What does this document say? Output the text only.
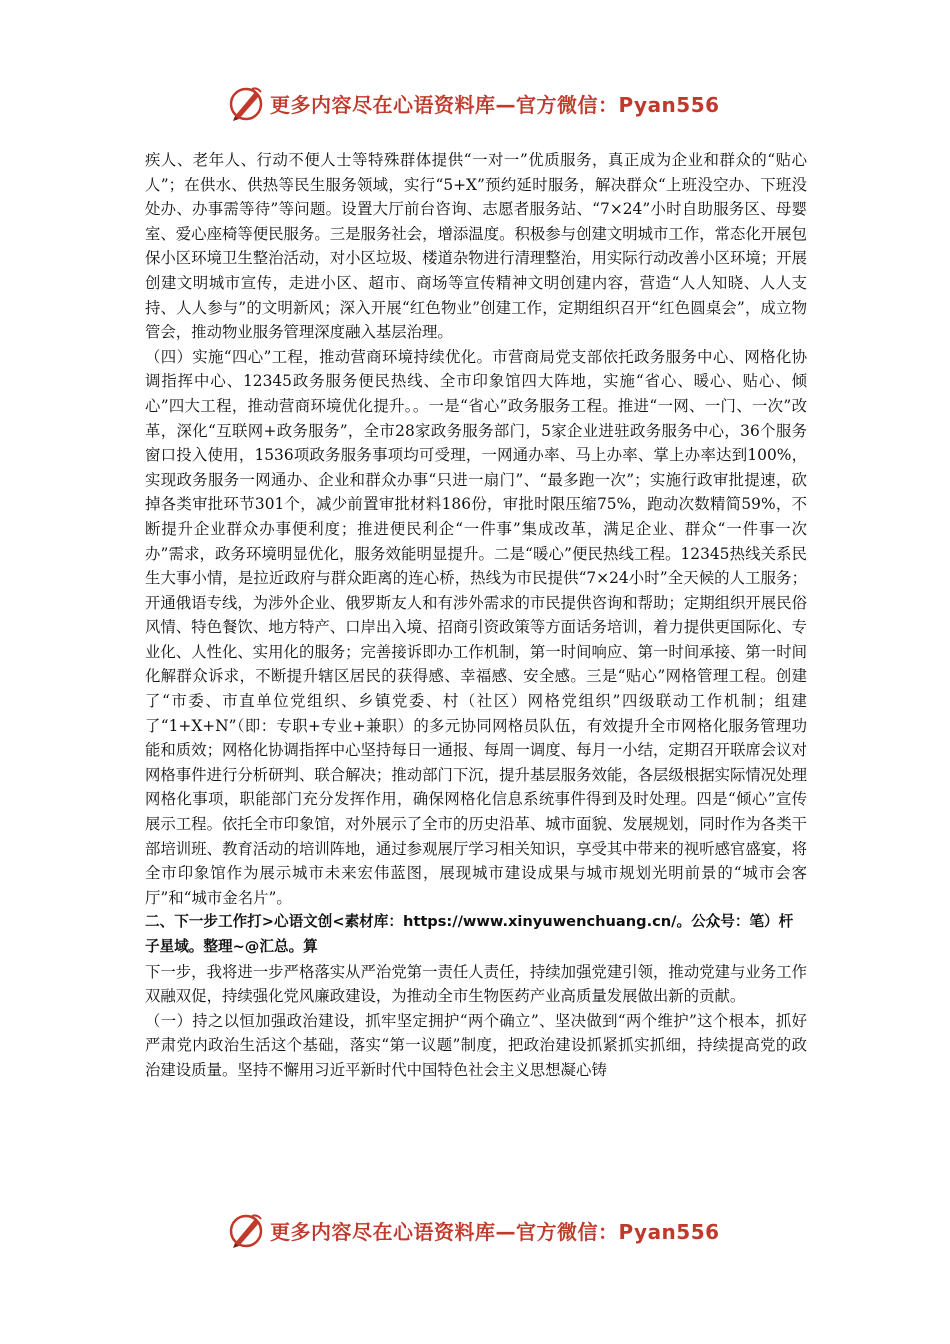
更多内容尽在心语资料库—官方微信：Pyan556

疾人、老年人、行动不便人士等特殊群体提供“一对一”优质服务，真正成为企业和群众的“贴心人”；在供水、供热等民生服务领域，实行“5+X”预约延时服务，解决群众“上班没空办、下班没处办、办事需等待”等问题。设置大厅前台咨询、志愿者服务站、“7×24”小时自助服务区、母婴室、爱心座椅等便民服务。三是服务社会，增添温度。积极参与创建文明城市工作，常态化开展包保小区环境卫生整治活动，对小区垃圾、楼道杂物进行清理整治，用实际行动改善小区环境；开展创建文明城市宣传，走进小区、超市、商场等宣传精神文明创建内容，营造“人人知晓、人人支持、人人参与”的文明新风；深入开展“红色物业”创建工作，定期组织召开“红色圆桌会”，成立物管会，推动物业服务管理深度融入基层治理。

（四）实施“四心”工程，推动营商环境持续优化。市营商局党支部依托政务服务中心、网格化协调指挥中心、12345政务服务便民热线、全市印象馆四大阵地，实施“省心、暖心、贴心、倾心”四大工程，推动营商环境优化提升。。一是“省心”政务服务工程。推进“一网、一门、一次”改革，深化“互联网+政务服务”，全市28家政务服务部门，5家企业进驻政务服务中心，36个服务窗口投入使用，1536项政务服务事项均可受理，一网通办率、马上办率、掌上办率达到100%，实现政务服务一网通办、企业和群众办事“只进一扇门”、“最多跑一次”；实施行政审批提速，砍掉各类审批环节301个，减少前置审批材料186份，审批时限压缩75%，跑动次数精简59%，不断提升企业群众办事便利度；推进便民利企“一件事”集成改革，满足企业、群众“一件事一次办”需求，政务环境明显优化，服务效能明显提升。二是“暖心”便民热线工程。12345热线关系民生大事小情，是拉近政府与群众距离的连心桥，热线为市民提供“7×24小时”全天候的人工服务；开通俄语专线，为涉外企业、俄罗斯友人和有涉外需求的市民提供咨询和帮助；定期组织开展民俗风情、特色餐饮、地方特产、口岸出入境、招商引资政策等方面话务培训，着力提供更国际化、专业化、人性化、实用化的服务；完善接诉即办工作机制，第一时间响应、第一时间承接、第一时间化解群众诉求，不断提升辖区居民的获得感、幸福感、安全感。三是“贴心”网格管理工程。创建了“市委、市直单位党组织、乡镇党委、村（社区）网格党组织”四级联动工作机制；组建了“1+X+N”（即：专职+专业+兼职）的多元协同网格员队伍，有效提升全市网格化服务管理功能和质效；网格化协调指挥中心坚持每日一通报、每周一调度、每月一小结，定期召开联席会议对网格事件进行分析研判、联合解决；推动部门下沉，提升基层服务效能，各层级根据实际情况处理网格化事项，职能部门充分发挥作用，确保网格化信息系统事件得到及时处理。四是“倾心”宣传展示工程。依托全市印象馆，对外展示了全市的历史沿革、城市面貌、发展规划，同时作为各类干部培训班、教育活动的培训阵地，通过参观展厅学习相关知识，享受其中带来的视听感官盛宴，将全市印象馆作为展示城市未来宏伟蓝图，展现城市建设成果与城市规划光明前景的“城市会客厅”和“城市金名片”。

二、下一步工作打>心语文创<素材库：https://www.xinyuwenchuang.cn/。公众号：笔）杆子星域。整理~@汇总。算

下一步，我将进一步严格落实从严治党第一责任人责任，持续加强党建引领，推动党建与业务工作双融双促，持续强化党风廉政建设，为推动全市生物医药产业高质量发展做出新的贡献。

（一）持之以恒加强政治建设，抓牢坚定拥护“两个确立”、坚决做到“两个维护”这个根本，抓好严肃党内政治生活这个基础，落实“第一议题”制度，把政治建设抓紧抓实抓细，持续提高党的政治建设质量。坚持不懈用习近平新时代中国特色社会主义思想凝心铸

更多内容尽在心语资料库—官方微信：Pyan556
